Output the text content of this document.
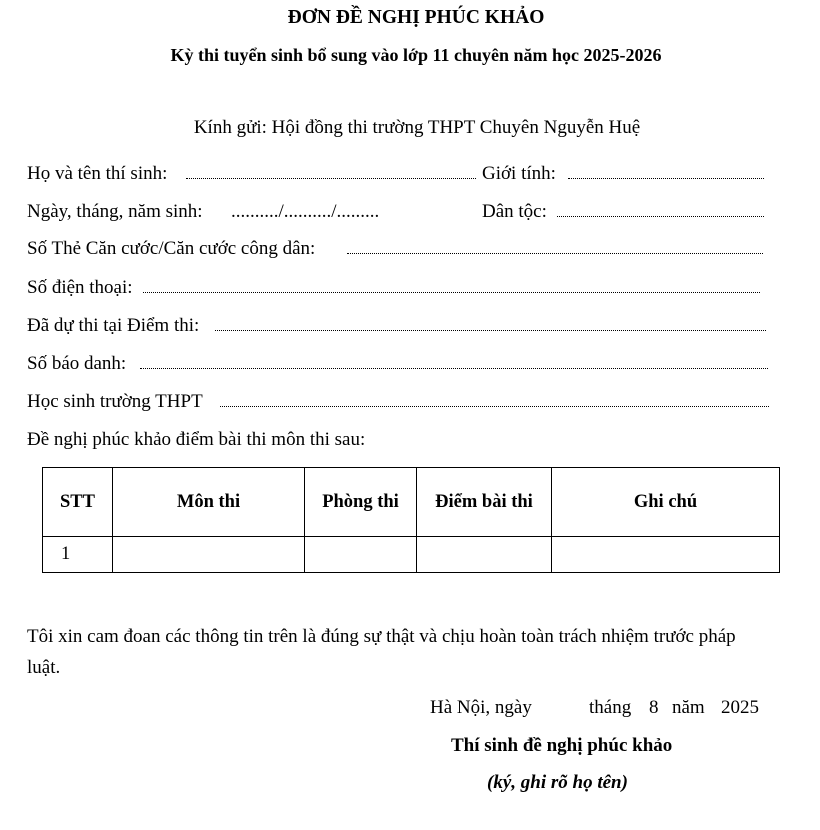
ĐƠN ĐỀ NGHỊ PHÚC KHẢO
Kỳ thi tuyển sinh bổ sung vào lớp 11 chuyên năm học 2025-2026
Kính gửi: Hội đồng thi trường THPT Chuyên Nguyễn Huệ
Họ và tên thí sinh:	Giới tính:
Ngày, tháng, năm sinh: ........../........../.........	Dân tộc:
Số Thẻ Căn cước/Căn cước công dân:
Số điện thoại:
Đã dự thi tại Điểm thi:
Số báo danh:
Học sinh trường THPT
Đề nghị phúc khảo điểm bài thi môn thi sau:
STT	Môn thi	Phòng thi	Điểm bài thi	Ghi chú
1				
Tôi xin cam đoan các thông tin trên là đúng sự thật và chịu hoàn toàn trách nhiệm trước pháp
luật.
Hà Nội, ngày	tháng 8 năm 2025
Thí sinh đề nghị phúc khảo
(ký, ghi rõ họ tên)
